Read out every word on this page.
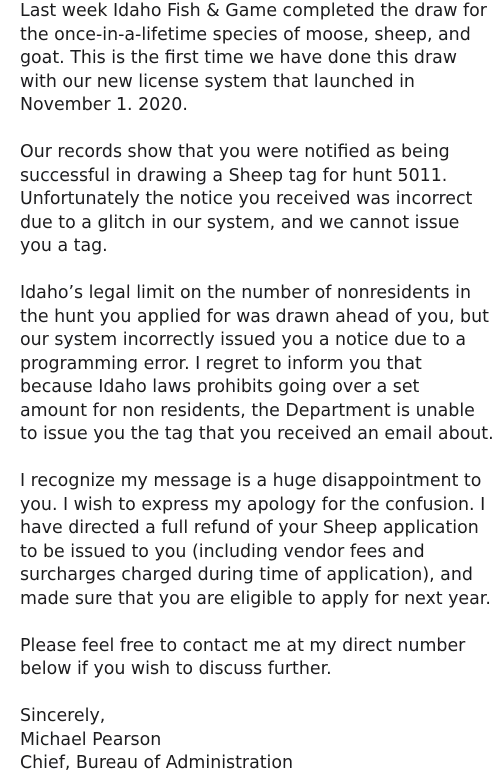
Last week Idaho Fish & Game completed the draw for
the once-in-a-lifetime species of moose, sheep, and
goat. This is the first time we have done this draw
with our new license system that launched in
November 1. 2020.
Our records show that you were notified as being
successful in drawing a Sheep tag for hunt 5011.
Unfortunately the notice you received was incorrect
due to a glitch in our system, and we cannot issue
you a tag.
Idaho’s legal limit on the number of nonresidents in
the hunt you applied for was drawn ahead of you, but
our system incorrectly issued you a notice due to a
programming error. I regret to inform you that
because Idaho laws prohibits going over a set
amount for non residents, the Department is unable
to issue you the tag that you received an email about.
I recognize my message is a huge disappointment to
you. I wish to express my apology for the confusion. I
have directed a full refund of your Sheep application
to be issued to you (including vendor fees and
surcharges charged during time of application), and
made sure that you are eligible to apply for next year.
Please feel free to contact me at my direct number
below if you wish to discuss further.
Sincerely,
Michael Pearson
Chief, Bureau of Administration
